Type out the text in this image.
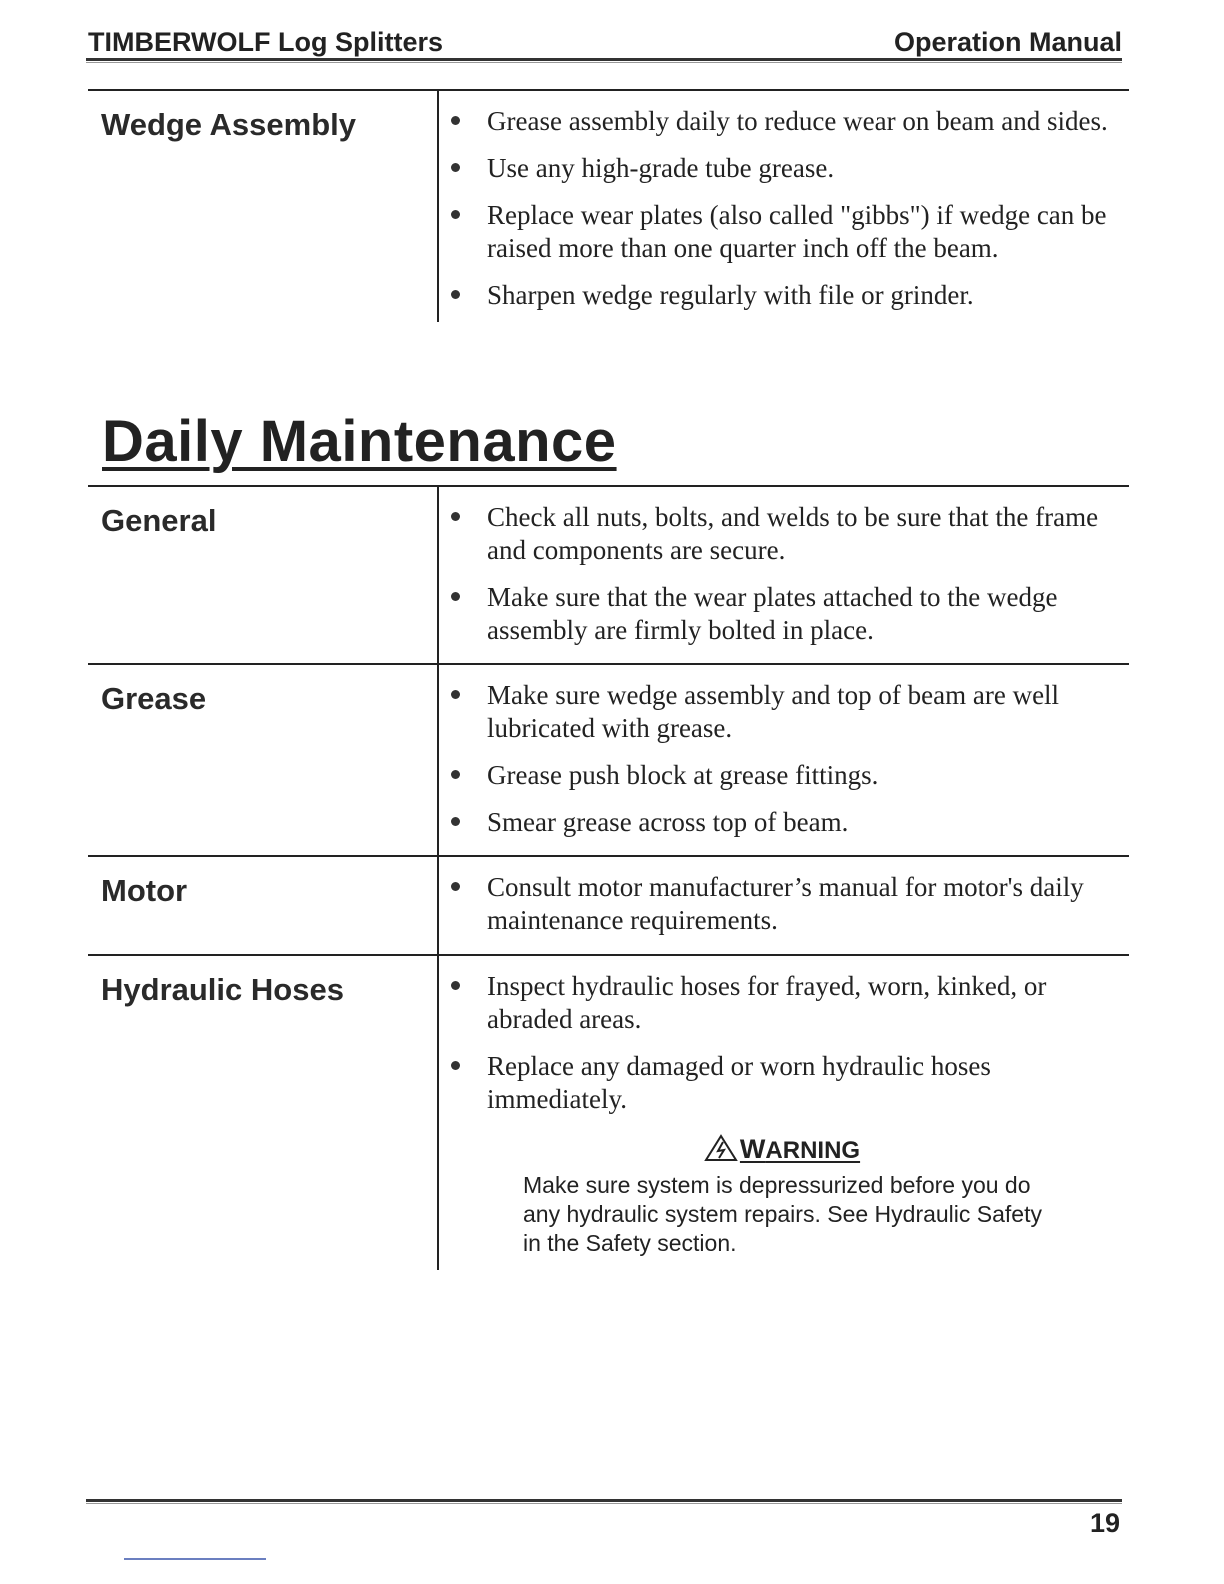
TIMBERWOLF Log Splitters	Operation Manual
Wedge Assembly	Grease assembly daily to reduce wear on beam and sides.
Use any high-grade tube grease.
Replace wear plates (also called "gibbs") if wedge can be raised more than one quarter inch off the beam.
Sharpen wedge regularly with file or grinder.
Daily Maintenance
General	Check all nuts, bolts, and welds to be sure that the frame and components are secure.
Make sure that the wear plates attached to the wedge assembly are firmly bolted in place.
Grease	Make sure wedge assembly and top of beam are well lubricated with grease.
Grease push block at grease fittings.
Smear grease across top of beam.
Motor	Consult motor manufacturer’s manual for motor's daily maintenance requirements.
Hydraulic Hoses	Inspect hydraulic hoses for frayed, worn, kinked, or abraded areas.
Replace any damaged or worn hydraulic hoses immediately.
WARNING
Make sure system is depressurized before you do any hydraulic system repairs. See Hydraulic Safety in the Safety section.
19
